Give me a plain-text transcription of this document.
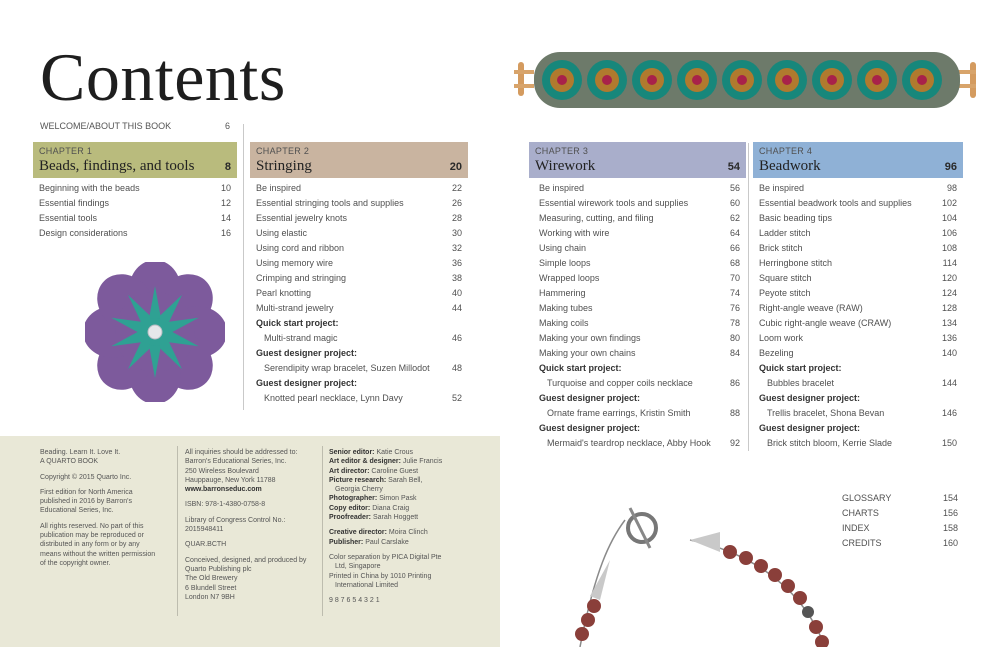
Contents
WELCOME/ABOUT THIS BOOK	6
CHAPTER 1
Beads, findings, and tools	8
Beginning with the beads	10
Essential findings	12
Essential tools	14
Design considerations	16
CHAPTER 2
Stringing	20
Be inspired	22
Essential stringing tools and supplies	26
Essential jewelry knots	28
Using elastic	30
Using cord and ribbon	32
Using memory wire	36
Crimping and stringing	38
Pearl knotting	40
Multi-strand jewelry	44
Quick start project:
Multi-strand magic	46
Guest designer project:
Serendipity wrap bracelet, Suzen Millodot 48
Guest designer project:
Knotted pearl necklace, Lynn Davy	52
CHAPTER 3
Wirework	54
Be inspired	56
Essential wirework tools and supplies	60
Measuring, cutting, and filing	62
Working with wire	64
Using chain	66
Simple loops	68
Wrapped loops	70
Hammering	74
Making tubes	76
Making coils	78
Making your own findings	80
Making your own chains	84
Quick start project:
Turquoise and copper coils necklace	86
Guest designer project:
Ornate frame earrings, Kristin Smith	88
Guest designer project:
Mermaid's teardrop necklace, Abby Hook 92
CHAPTER 4
Beadwork	96
Be inspired	98
Essential beadwork tools and supplies	102
Basic beading tips	104
Ladder stitch	106
Brick stitch	108
Herringbone stitch	114
Square stitch	120
Peyote stitch	124
Right-angle weave (RAW)	128
Cubic right-angle weave (CRAW)	134
Loom work	136
Bezeling	140
Quick start project:
Bubbles bracelet	144
Guest designer project:
Trellis bracelet, Shona Bevan	146
Guest designer project:
Brick stitch bloom, Kerrie Slade	150
GLOSSARY	154
CHARTS	156
INDEX	158
CREDITS	160

Beading. Learn It. Love It.
A QUARTO BOOK

Copyright © 2015 Quarto Inc.

First edition for North America
published in 2016 by Barron's
Educational Series, Inc.

All rights reserved. No part of this
publication may be reproduced or
distributed in any form or by any
means without the written permission
of the copyright owner.

All inquiries should be addressed to:
Barron's Educational Series, Inc.
250 Wireless Boulevard
Hauppauge, New York 11788
www.barronseduc.com

ISBN: 978-1-4380-0758-8

Library of Congress Control No.:
2015948411

QUAR.BCTH

Conceived, designed, and produced by
Quarto Publishing plc
The Old Brewery
6 Blundell Street
London N7 9BH

Senior editor: Katie Crous
Art editor & designer: Julie Francis
Art director: Caroline Guest
Picture research: Sarah Bell,

Georgia Cherry
Photographer: Simon Pask
Copy editor: Diana Craig
Proofreader: Sarah Hoggett

Creative director: Moira Clinch
Publisher: Paul Carslake

Color separation by PICA Digital Pte

Ltd, Singapore
Printed in China by 1010 Printing

International Limited

9 8 7 6 5 4 3 2 1
